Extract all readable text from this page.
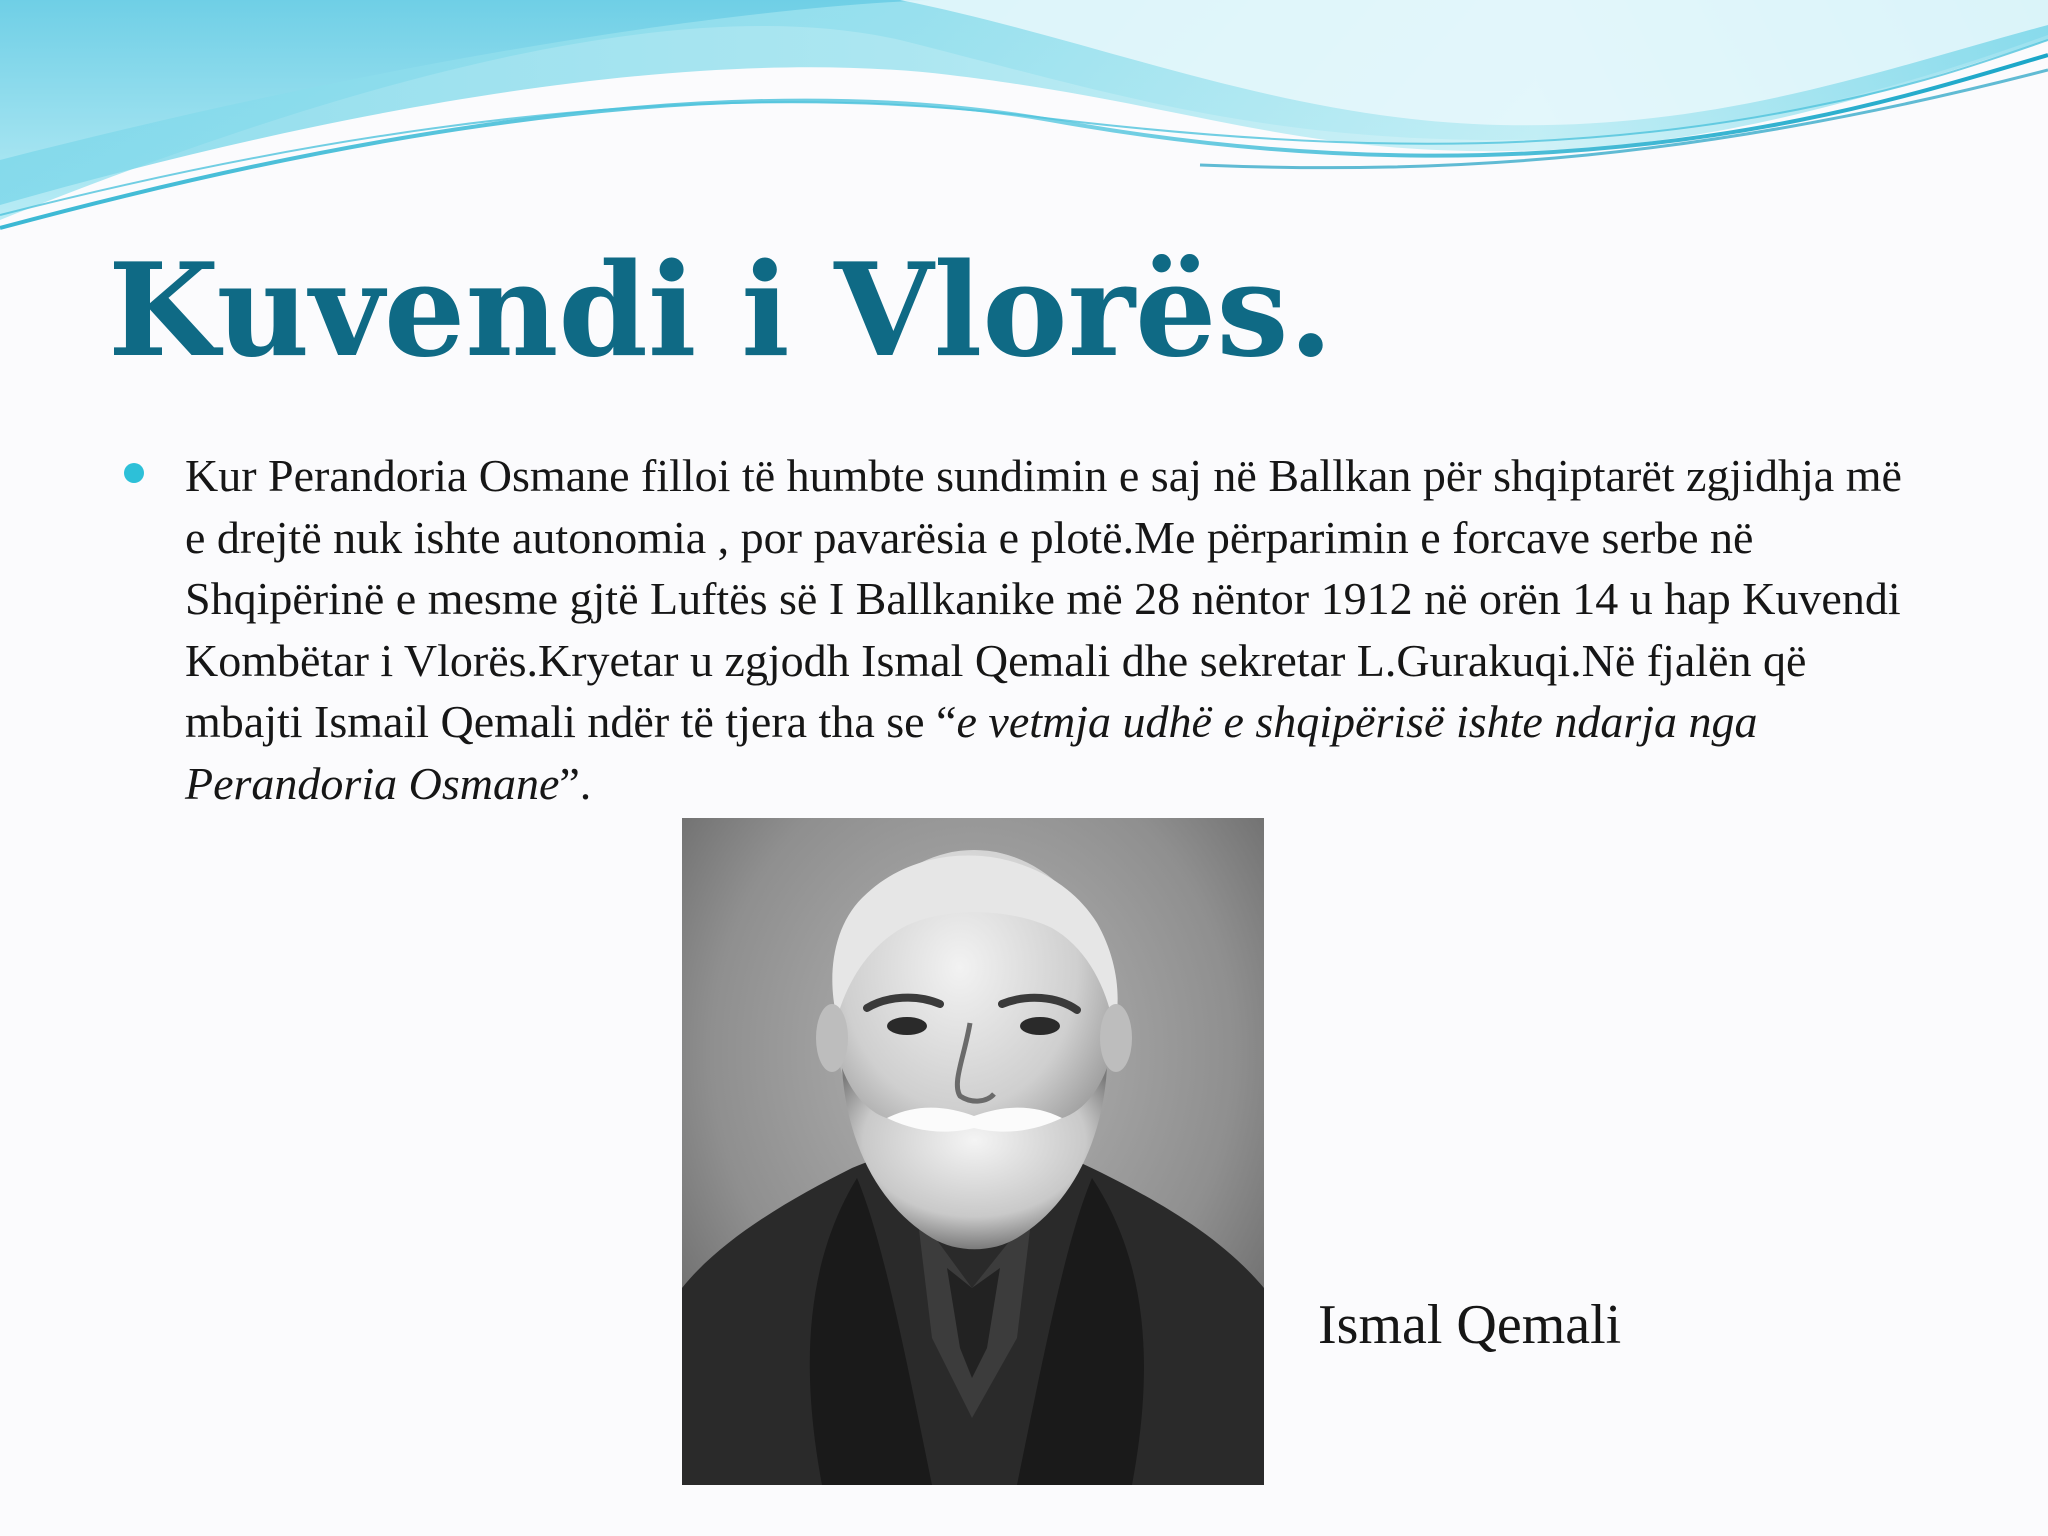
Kuvendi i Vlorës.

Kur Perandoria Osmane filloi të humbte sundimin e saj në Ballkan për shqiptarët zgjidhja më e drejtë nuk ishte autonomia , por pavarësia e plotë.Me përparimin e forcave serbe në Shqipërinë e mesme gjtë Luftës së I Ballkanike më 28 nëntor 1912 në orën 14 u hap Kuvendi Kombëtar i Vlorës.Kryetar u zgjodh Ismal Qemali dhe sekretar L.Gurakuqi.Në fjalën që mbajti Ismail Qemali ndër të tjera tha se “e vetmja udhë e shqipërisë ishte ndarja nga Perandoria Osmane”.

Ismal Qemali
